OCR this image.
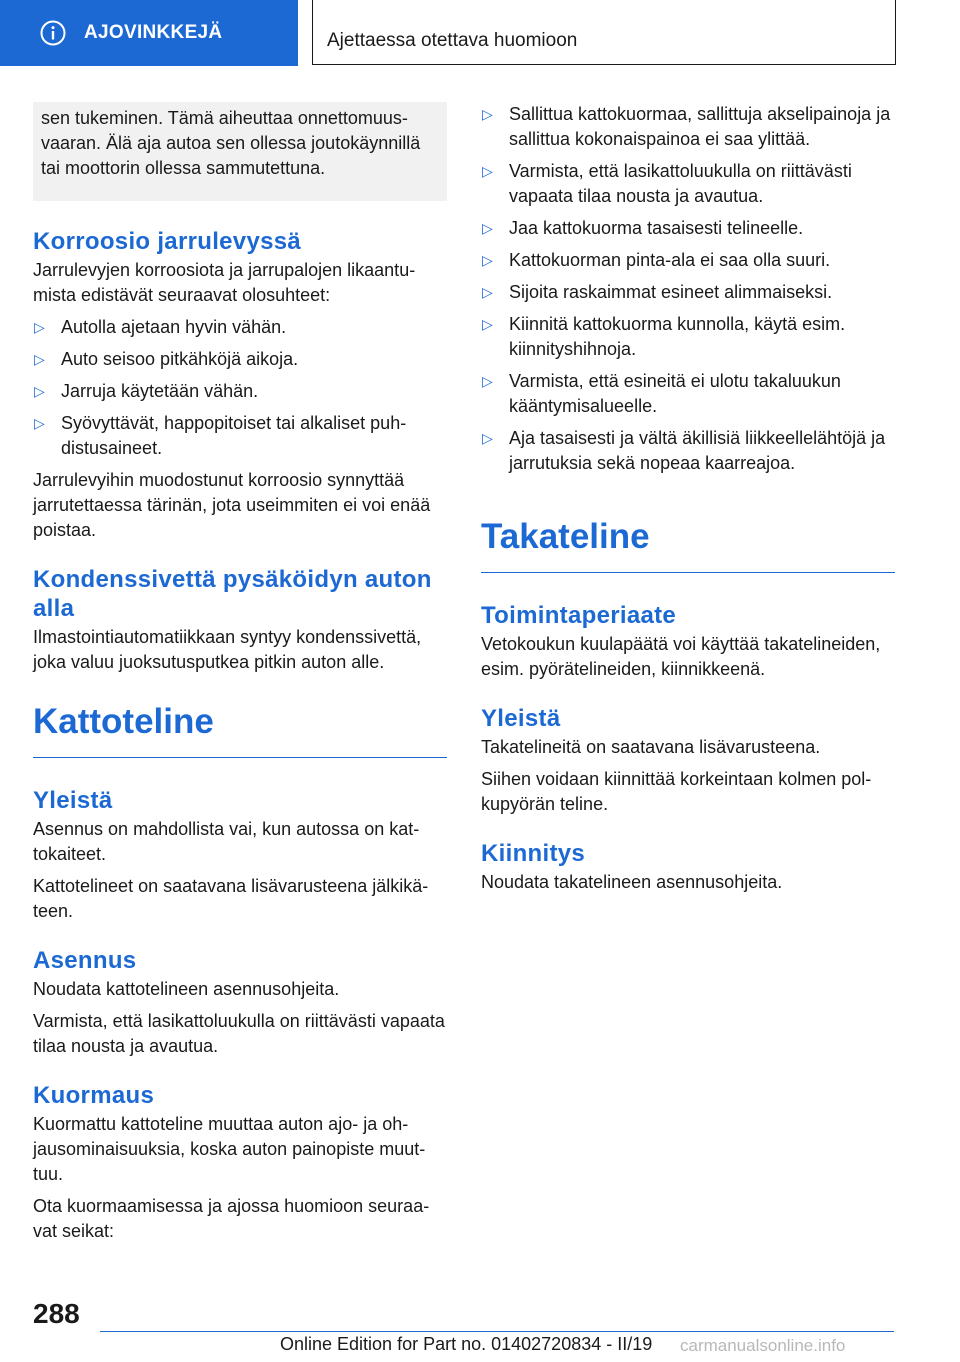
AJOVINKKEJÄ	Ajettaessa otettava huomioon
sen tukeminen. Tämä aiheuttaa onnettomuusvaaran. Älä aja autoa sen ollessa joutokäynnillä tai moottorin ollessa sammutettuna.
Korroosio jarrulevyssä

Jarrulevyjen korroosiota ja jarrupalojen likaantumista edistävät seuraavat olosuhteet:

▷ Autolla ajetaan hyvin vähän.
▷ Auto seisoo pitkähköjä aikoja.
▷ Jarruja käytetään vähän.
▷ Syövyttävät, happopitoiset tai alkaliset puhdistusaineet.

Jarrulevyihin muodostunut korroosio synnyttää jarrutettaessa tärinän, jota useimmiten ei voi enää poistaa.

Kondenssivettä pysäköidyn auton alla

Ilmastointiautomatiikkaan syntyy kondenssivettä, joka valuu juoksutusputkea pitkin auton alle.

Kattoteline
Yleistä

Asennus on mahdollista vai, kun autossa on kattokaiteet.

Kattotelineet on saatavana lisävarusteena jälkikäteen.

Asennus

Noudata kattotelineen asennusohjeita.

Varmista, että lasikattoluukulla on riittävästi vapaata tilaa nousta ja avautua.

Kuormaus

Kuormattu kattoteline muuttaa auton ajo- ja ohjausominaisuuksia, koska auton painopiste muuttuu.

Ota kuormaamisessa ja ajossa huomioon seuraavat seikat:

▷ Sallittua kattokuormaa, sallittuja akselipainoja ja sallittua kokonaispainoa ei saa ylittää.
▷ Varmista, että lasikattoluukulla on riittävästi vapaata tilaa nousta ja avautua.
▷ Jaa kattokuorma tasaisesti telineelle.
▷ Kattokuorman pinta-ala ei saa olla suuri.
▷ Sijoita raskaimmat esineet alimmaiseksi.
▷ Kiinnitä kattokuorma kunnolla, käytä esim. kiinnityshihnoja.
▷ Varmista, että esineitä ei ulotu takaluukun kääntymisalueelle.
▷ Aja tasaisesti ja vältä äkillisiä liikkeellelähtöjä ja jarrutuksia sekä nopeaa kaarreajoa.
Takateline
Toimintaperiaate

Vetokoukun kuulapäätä voi käyttää takatelineiden, esim. pyörätelineiden, kiinnikkeenä.

Yleistä

Takatelineitä on saatavana lisävarusteena.

Siihen voidaan kiinnittää korkeintaan kolmen polkupyörän teline.

Kiinnitys

Noudata takatelineen asennusohjeita.

288
Online Edition for Part no. 01402720834 - II/19 carmanualsonline.info
